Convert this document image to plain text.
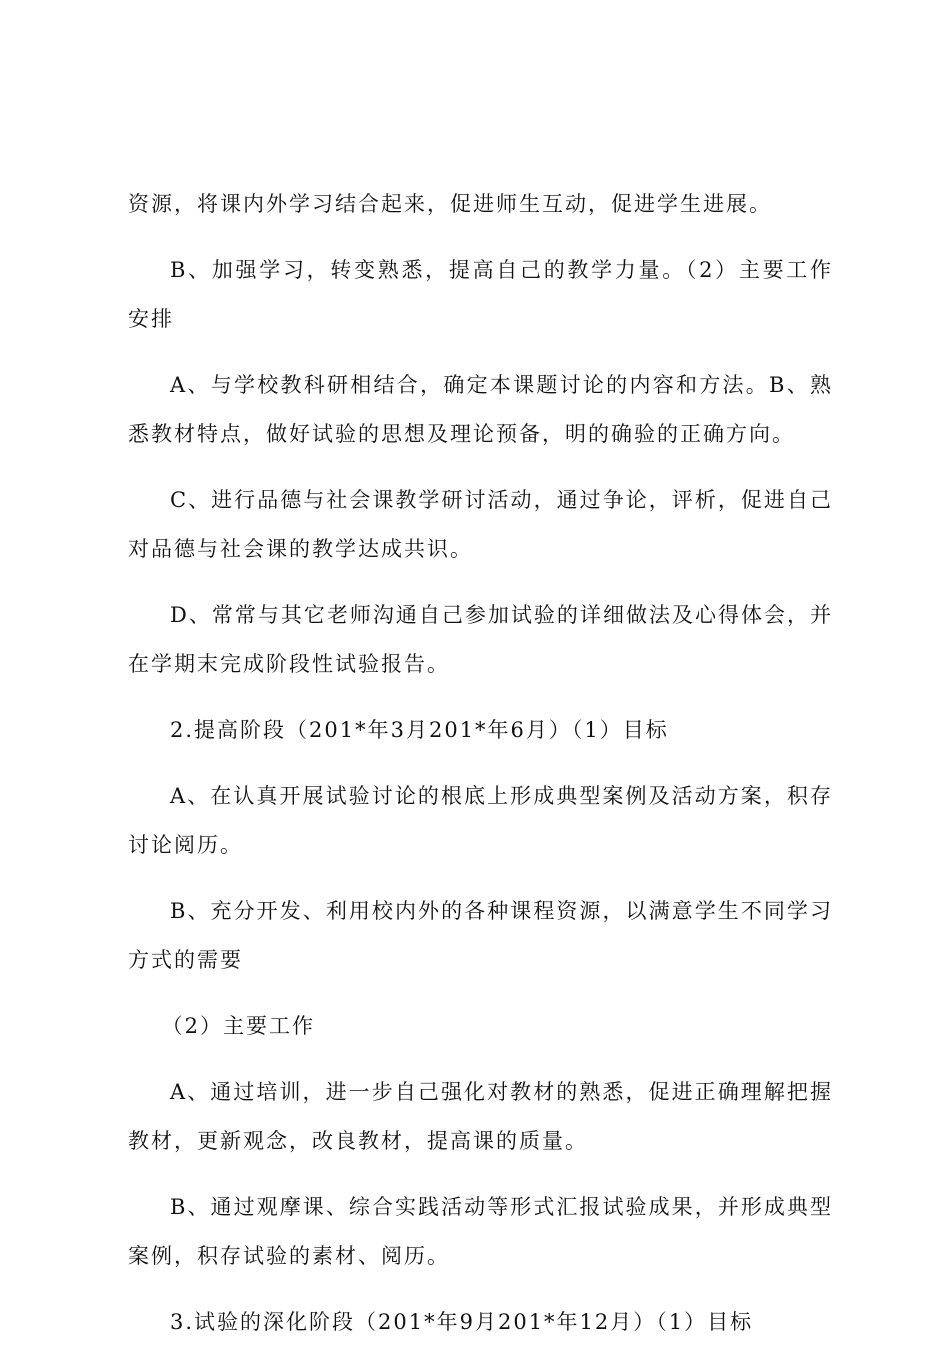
资源，将课内外学习结合起来，促进师生互动，促进学生进展。

B、加强学习，转变熟悉，提高自己的教学力量。（2）主要工作安排

A、与学校教科研相结合，确定本课题讨论的内容和方法。B、熟悉教材特点，做好试验的思想及理论预备，明的确验的正确方向。

C、进行品德与社会课教学研讨活动，通过争论，评析，促进自己对品德与社会课的教学达成共识。

D、常常与其它老师沟通自己参加试验的详细做法及心得体会，并在学期末完成阶段性试验报告。

2.提高阶段（201*年3月201*年6月）（1）目标

A、在认真开展试验讨论的根底上形成典型案例及活动方案，积存讨论阅历。

B、充分开发、利用校内外的各种课程资源，以满意学生不同学习方式的需要

（2）主要工作

A、通过培训，进一步自己强化对教材的熟悉，促进正确理解把握教材，更新观念，改良教材，提高课的质量。

B、通过观摩课、综合实践活动等形式汇报试验成果，并形成典型案例，积存试验的素材、阅历。

3.试验的深化阶段（201*年9月201*年12月）（1）目标
